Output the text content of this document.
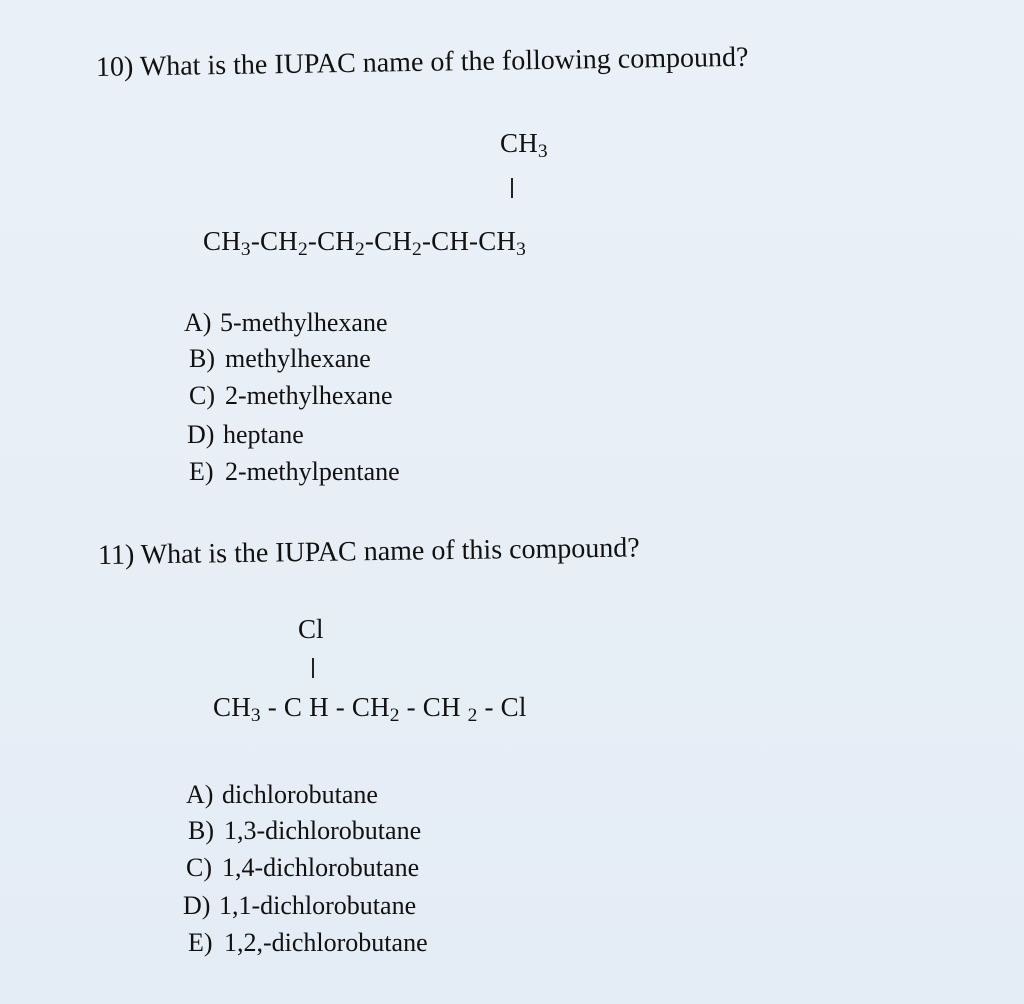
10) What is the IUPAC name of the following compound?
$CH_3$
$CH_3-CH_2-CH_2-CH_2-CH-CH_3$
A) 5-methylhexane
B) methylhexane
C) 2-methylhexane
D) heptane
E) 2-methylpentane
11) What is the IUPAC name of this compound?
Cl
$CH_3$ - C H - $CH_2$ - CH $_2$ - Cl
A) dichlorobutane
B) 1,3-dichlorobutane
C) 1,4-dichlorobutane
D) 1,1-dichlorobutane
E) 1,2,-dichlorobutane
